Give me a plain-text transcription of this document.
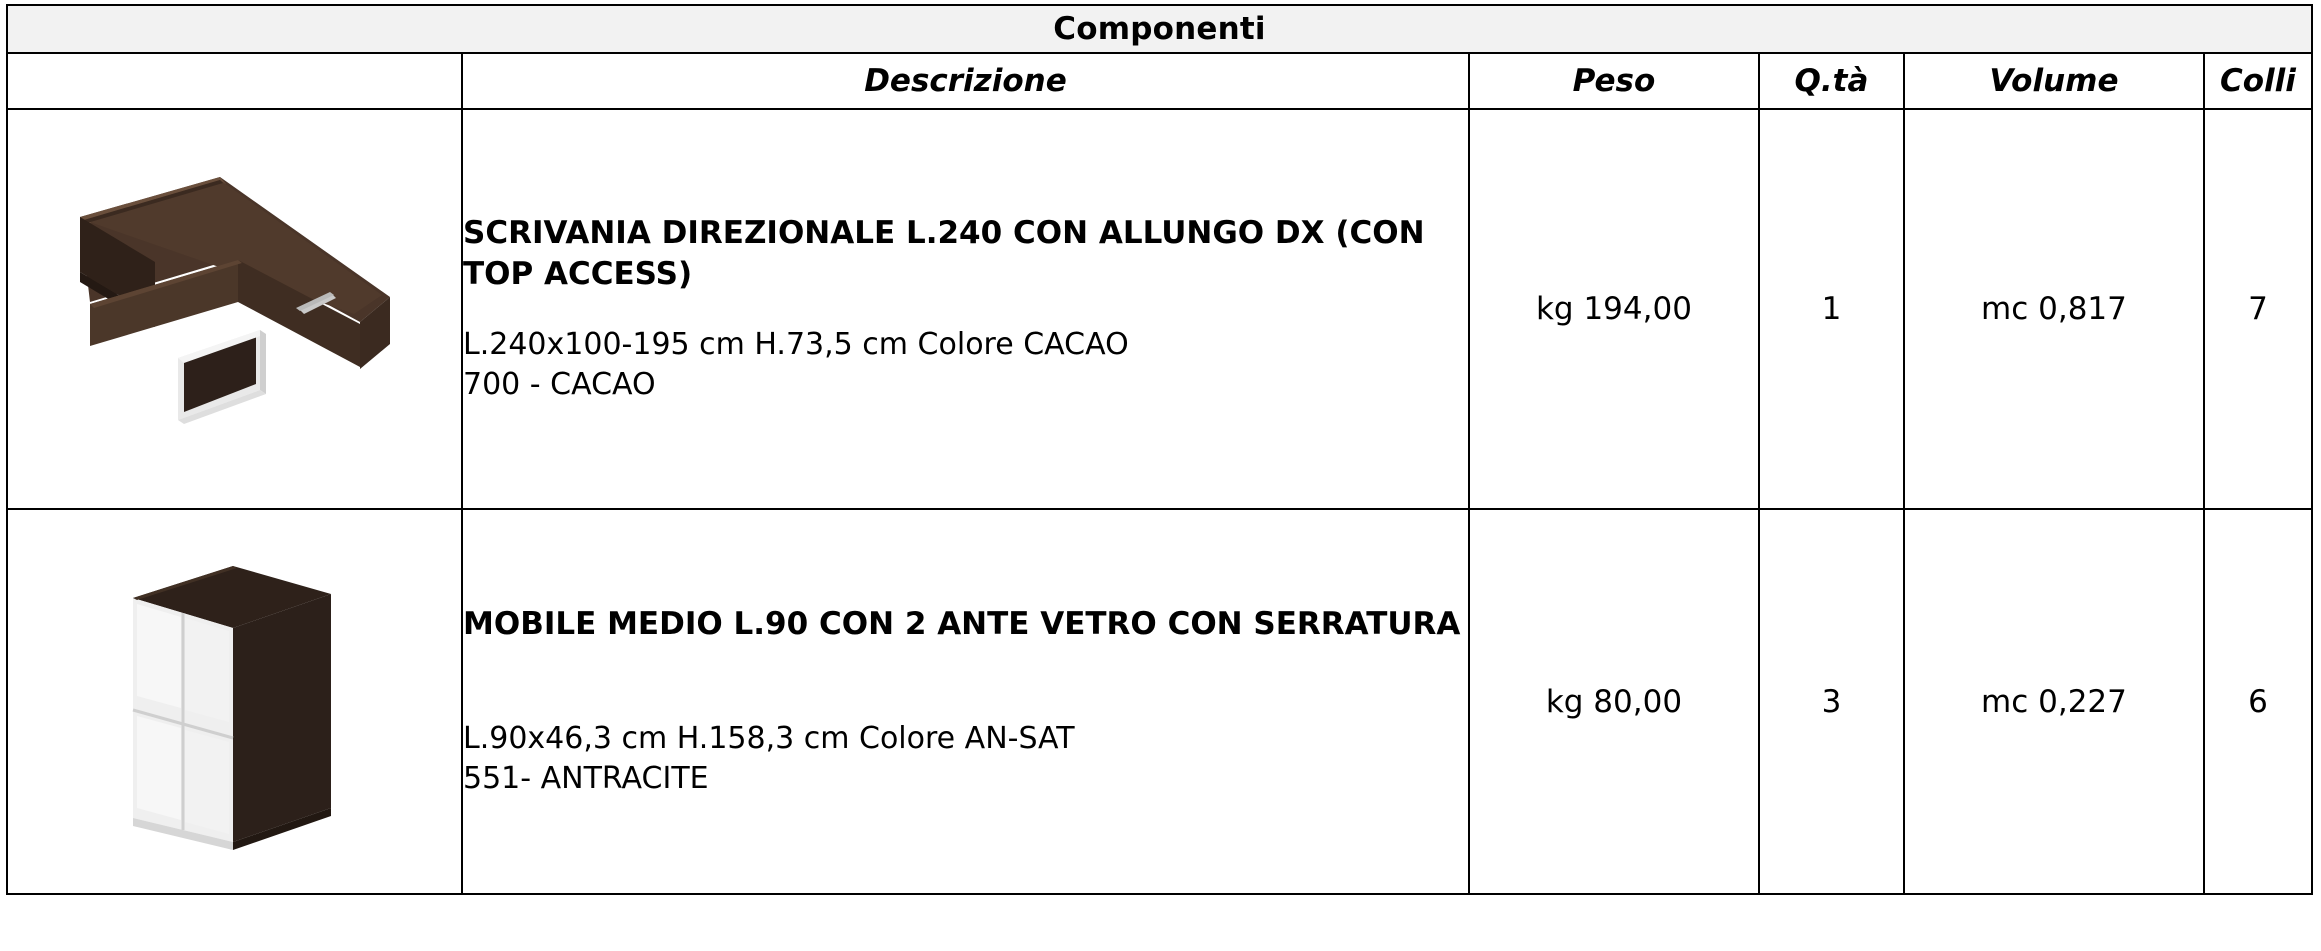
Componenti					
	Descrizione	Peso	Q.tà	Volume	Colli

SCRIVANIA DIREZIONALE L.240 CON ALLUNGO DX (CON TOP ACCESS)
L.240x100-195 cm H.73,5 cm Colore CACAO
700 - CACAO	kg 194,00	1	mc 0,817	7

MOBILE MEDIO L.90 CON 2 ANTE VETRO CON SERRATURA
L.90x46,3 cm H.158,3 cm Colore AN-SAT
551- ANTRACITE	kg 80,00	3	mc 0,227	6
